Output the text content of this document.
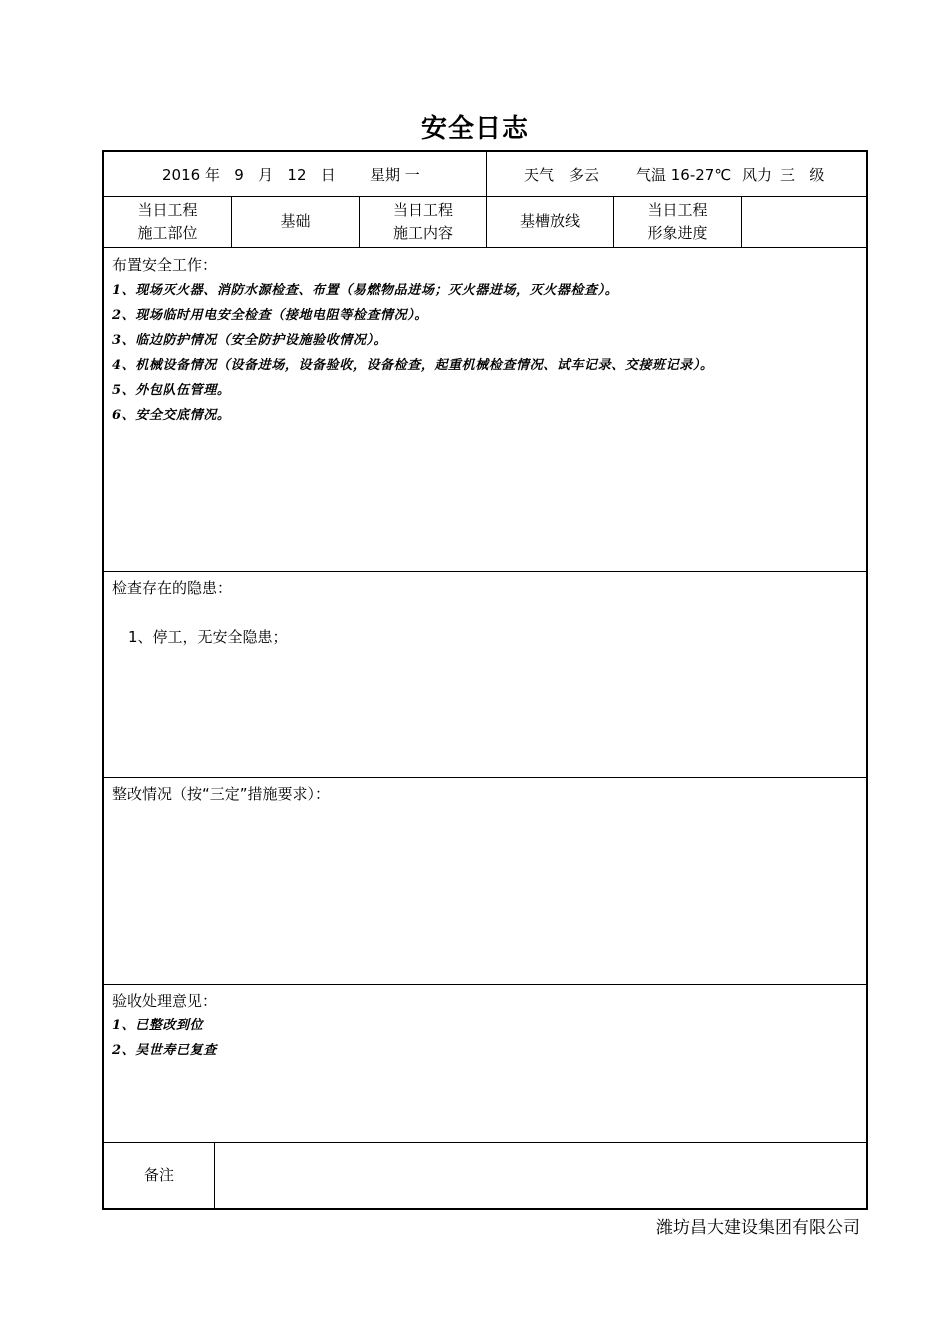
安全日志
2016 年   9   月   12   日 星期 一	天气 多云 气温 16-27℃ 风力 三   级
当日工程
施工部位
基础
当日工程
施工内容
基槽放线
当日工程
形象进度
布置安全工作：
1、现场灭火器、消防水源检查、布置（易燃物品进场；灭火器进场，灭火器检查）。
2、现场临时用电安全检查（接地电阻等检查情况）。
3、临边防护情况（安全防护设施验收情况）。
4、机械设备情况（设备进场，设备验收，设备检查，起重机械检查情况、试车记录、交接班记录）。
5、外包队伍管理。
6、安全交底情况。
检查存在的隐患：
1、停工，无安全隐患；
整改情况（按“三定”措施要求）：
验收处理意见：
1、已整改到位
2、吴世寿已复查
备注
潍坊昌大建设集团有限公司
